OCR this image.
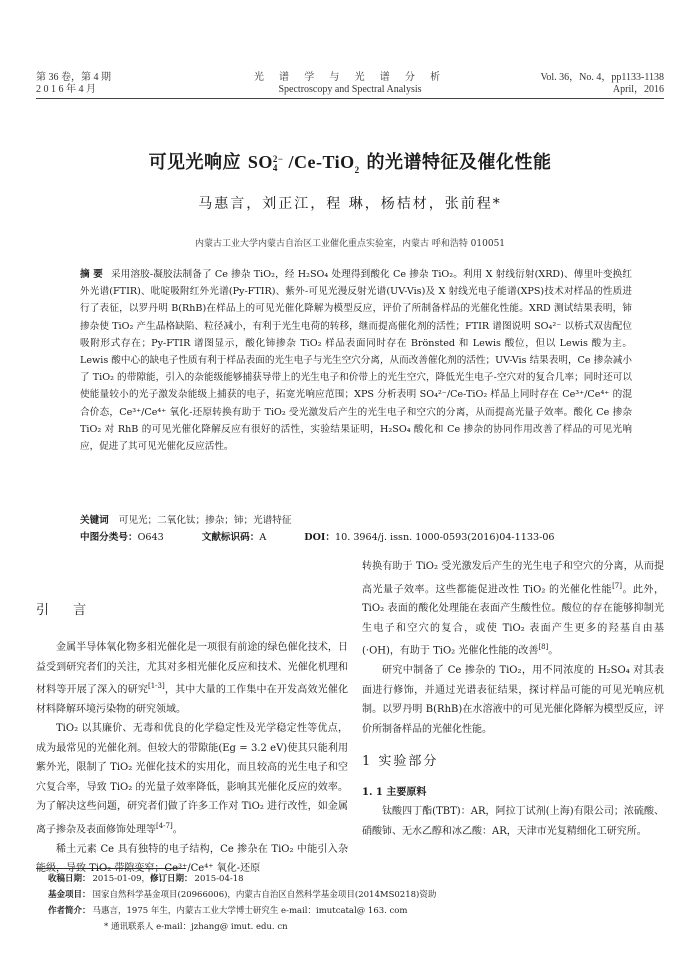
第 36 卷，第 4 期
2 0 1 6 年 4 月
光 谱 学 与 光 谱 分 析
Spectroscopy and Spectral Analysis
Vol. 36，No. 4，pp1133-1138
April，2016
可见光响应 SO 2−
4 /Ce-TiO$_2$ 的光谱特征及催化性能
马惠言，刘正江，程 琳，杨桔材，张前程*
内蒙古工业大学内蒙古自治区工业催化重点实验室，内蒙古 呼和浩特 010051
摘 要 采用溶胶-凝胶法制备了 Ce 掺杂 TiO₂，经 H₂SO₄ 处理得到酸化 Ce 掺杂 TiO₂。利用 X 射线衍射(XRD)、傅里叶变换红外光谱(FTIR)、吡啶吸附红外光谱(Py-FTIR)、紫外-可见光漫反射光谱(UV-Vis)及 X 射线光电子能谱(XPS)技术对样品的性质进行了表征，以罗丹明 B(RhB)在样品上的可见光催化降解为模型反应，评价了所制备样品的光催化性能。XRD 测试结果表明，铈掺杂使 TiO₂ 产生晶格缺陷、粒径减小，有利于光生电荷的转移，继而提高催化剂的活性；FTIR 谱图说明 SO₄²⁻ 以桥式双齿配位吸附形式存在；Py-FTIR 谱图显示，酸化铈掺杂 TiO₂ 样品表面同时存在 Brönsted 和 Lewis 酸位，但以 Lewis 酸为主。Lewis 酸中心的缺电子性质有利于样品表面的光生电子与光生空穴分离，从而改善催化剂的活性；UV-Vis 结果表明，Ce 掺杂减小了 TiO₂ 的带隙能，引入的杂能级能够捕获导带上的光生电子和价带上的光生空穴，降低光生电子-空穴对的复合几率；同时还可以使能量较小的光子激发杂能级上捕获的电子，拓宽光响应范围；XPS 分析表明 SO₄²⁻/Ce-TiO₂ 样品上同时存在 Ce³⁺/Ce⁴⁺ 的混合价态，Ce³⁺/Ce⁴⁺ 氧化-还原转换有助于 TiO₂ 受光激发后产生的光生电子和空穴的分离，从而提高光量子效率。酸化 Ce 掺杂 TiO₂ 对 RhB 的可见光催化降解反应有很好的活性，实验结果证明，H₂SO₄ 酸化和 Ce 掺杂的协同作用改善了样品的可见光响应，促进了其可见光催化反应活性。
关键词 可见光；二氧化钛；掺杂；铈；光谱特征
中图分类号：O643	文献标识码：A	DOI：10. 3964/j. issn. 1000-0593(2016)04-1133-06
引 言
金属半导体氧化物多相光催化是一项很有前途的绿色催化技术，日益受到研究者们的关注，尤其对多相光催化反应和技术、光催化机理和材料等开展了深入的研究[1-3]，其中大量的工作集中在开发高效光催化材料降解环境污染物的研究领域。
TiO₂ 以其廉价、无毒和优良的化学稳定性及光学稳定性等优点，成为最常见的光催化剂。但较大的带隙能(Eg = 3.2 eV)使其只能利用紫外光，限制了 TiO₂ 光催化技术的实用化，而且较高的光生电子和空穴复合率，导致 TiO₂ 的光量子效率降低，影响其光催化反应的效率。为了解决这些问题，研究者们做了许多工作对 TiO₂ 进行改性，如金属离子掺杂及表面修饰处理等[4-7]。
稀土元素 Ce 具有独特的电子结构，Ce 掺杂在 TiO₂ 中能引入杂能级，导致 TiO₂ 带隙变窄；Ce³⁺/Ce⁴⁺ 氧化-还原
转换有助于 TiO₂ 受光激发后产生的光生电子和空穴的分离，从而提高光量子效率。这些都能促进改性 TiO₂ 的光催化性能[7]。此外，TiO₂ 表面的酸化处理能在表面产生酸性位。酸位的存在能够抑制光生电子和空穴的复合，或使 TiO₂ 表面产生更多的羟基自由基(·OH)，有助于 TiO₂ 光催化性能的改善[8]。
研究中制备了 Ce 掺杂的 TiO₂，用不同浓度的 H₂SO₄ 对其表面进行修饰，并通过光谱表征结果，探讨样品可能的可见光响应机制。以罗丹明 B(RhB)在水溶液中的可见光催化降解为模型反应，评价所制备样品的光催化性能。
1 实验部分
1. 1 主要原料
钛酸四丁酯(TBT)：AR，阿拉丁试剂(上海)有限公司；浓硫酸、硝酸铈、无水乙醇和冰乙酸：AR，天津市光复精细化工研究所。
收稿日期： 2015-01-09，修订日期： 2015-04-18
基金项目： 国家自然科学基金项目(20966006)，内蒙古自治区自然科学基金项目(2014MS0218)资助
作者简介： 马惠言，1975 年生，内蒙古工业大学博士研究生 e-mail：imutcatal@ 163. com
* 通讯联系人 e-mail：jzhang@ imut. edu. cn
